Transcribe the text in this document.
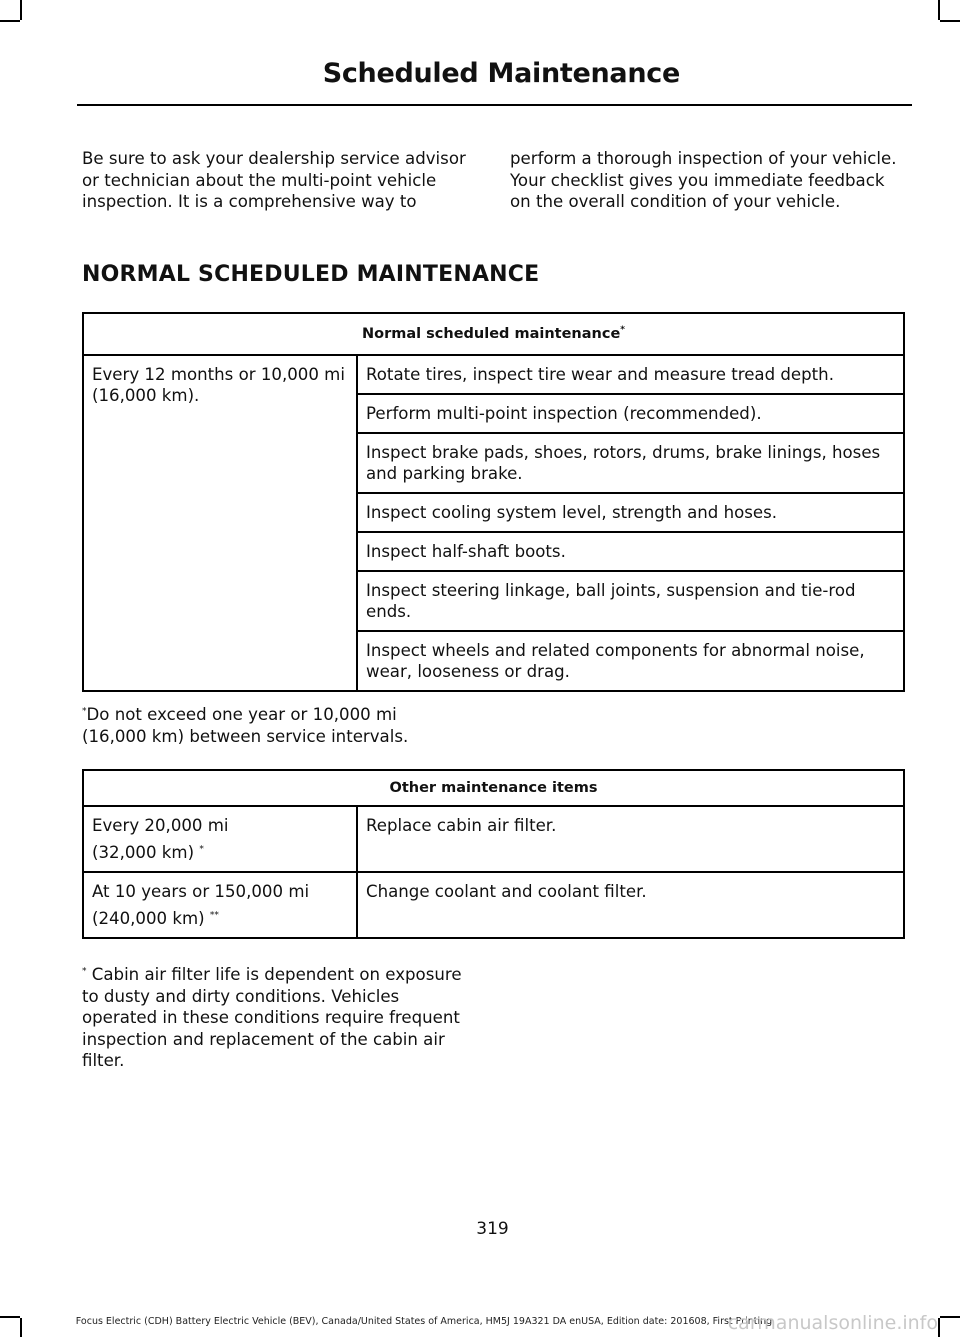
Scheduled Maintenance
Be sure to ask your dealership service advisor or technician about the multi-point vehicle inspection. It is a comprehensive way to perform a thorough inspection of your vehicle. Your checklist gives you immediate feedback on the overall condition of your vehicle.
NORMAL SCHEDULED MAINTENANCE
Normal scheduled maintenance*
Every 12 months or 10,000 mi (16,000 km).	Rotate tires, inspect tire wear and measure tread depth.
Perform multi-point inspection (recommended).
Inspect brake pads, shoes, rotors, drums, brake linings, hoses and parking brake.
Inspect cooling system level, strength and hoses.
Inspect half-shaft boots.
Inspect steering linkage, ball joints, suspension and tie-rod ends.
Inspect wheels and related components for abnormal noise, wear, looseness or drag.
*Do not exceed one year or 10,000 mi (16,000 km) between service intervals.
Other maintenance items	

Every 20,000 mi
(32,000 km) *	Replace cabin air filter.

At 10 years or 150,000 mi
(240,000 km) **	Change coolant and coolant filter.
* Cabin air filter life is dependent on exposure to dusty and dirty conditions. Vehicles operated in these conditions require frequent inspection and replacement of the cabin air filter.
319
Focus Electric (CDH) Battery Electric Vehicle (BEV), Canada/United States of America, HM5J 19A321 DA enUSA, Edition date: 201608, First Printing
carmanualsonline.info
